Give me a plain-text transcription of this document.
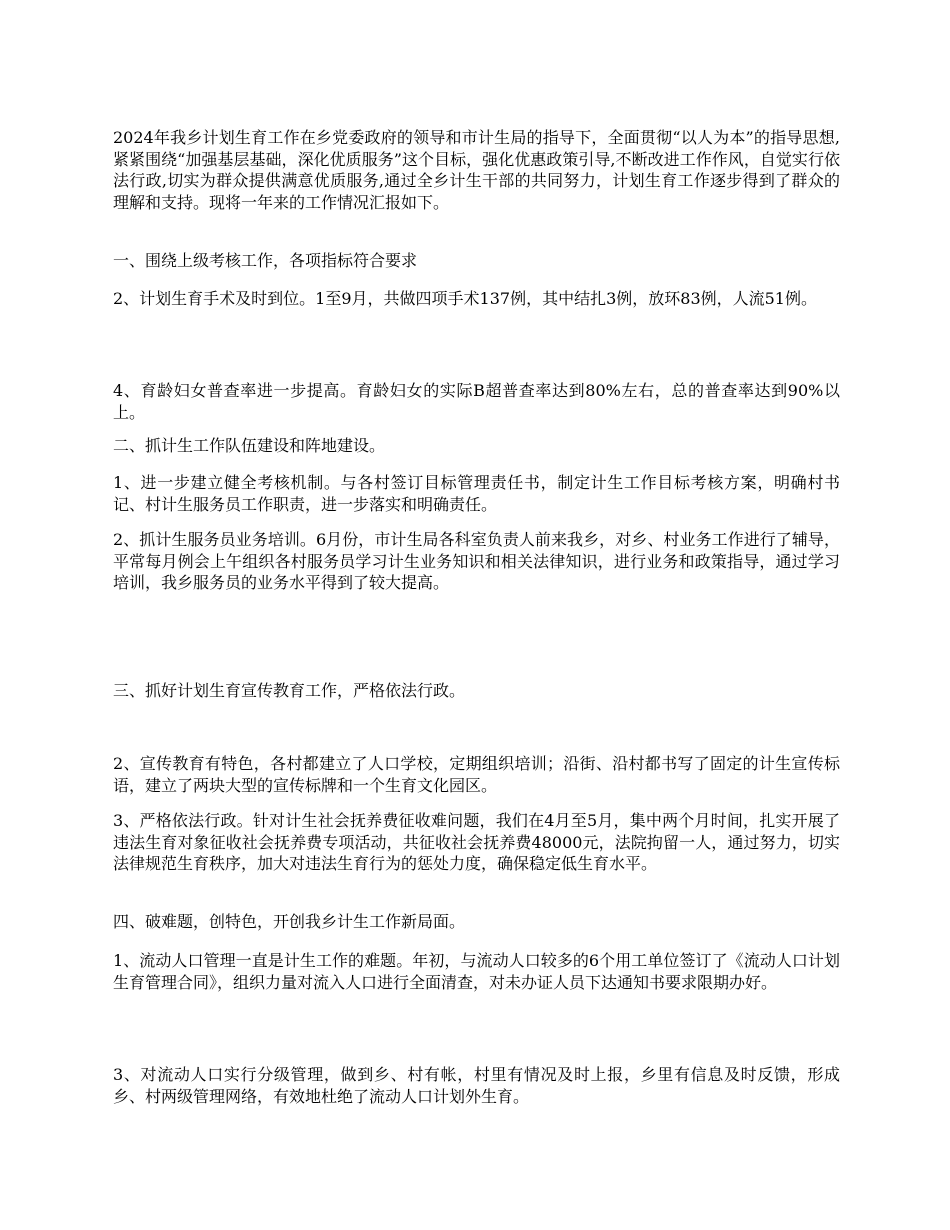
2024年我乡计划生育工作在乡党委政府的领导和市计生局的指导下，全面贯彻“以人为本”的指导思想,紧紧围绕“加强基层基础，深化优质服务”这个目标，强化优惠政策引导,不断改进工作作风，自觉实行依法行政,切实为群众提供满意优质服务,通过全乡计生干部的共同努力，计划生育工作逐步得到了群众的理解和支持。现将一年来的工作情况汇报如下。

一、围绕上级考核工作，各项指标符合要求

2、计划生育手术及时到位。1至9月，共做四项手术137例，其中结扎3例，放环83例，人流51例。

4、育龄妇女普查率进一步提高。育龄妇女的实际B超普查率达到80%左右，总的普查率达到90%以上。

二、抓计生工作队伍建设和阵地建设。

1、进一步建立健全考核机制。与各村签订目标管理责任书，制定计生工作目标考核方案，明确村书记、村计生服务员工作职责，进一步落实和明确责任。

2、抓计生服务员业务培训。6月份，市计生局各科室负责人前来我乡，对乡、村业务工作进行了辅导，平常每月例会上午组织各村服务员学习计生业务知识和相关法律知识，进行业务和政策指导，通过学习培训，我乡服务员的业务水平得到了较大提高。

三、抓好计划生育宣传教育工作，严格依法行政。

2、宣传教育有特色，各村都建立了人口学校，定期组织培训；沿街、沿村都书写了固定的计生宣传标语，建立了两块大型的宣传标牌和一个生育文化园区。

3、严格依法行政。针对计生社会抚养费征收难问题，我们在4月至5月，集中两个月时间，扎实开展了违法生育对象征收社会抚养费专项活动，共征收社会抚养费48000元，法院拘留一人，通过努力，切实法律规范生育秩序，加大对违法生育行为的惩处力度，确保稳定低生育水平。

四、破难题，创特色，开创我乡计生工作新局面。

1、流动人口管理一直是计生工作的难题。年初，与流动人口较多的6个用工单位签订了《流动人口计划生育管理合同》，组织力量对流入人口进行全面清查，对未办证人员下达通知书要求限期办好。

3、对流动人口实行分级管理，做到乡、村有帐，村里有情况及时上报，乡里有信息及时反馈，形成乡、村两级管理网络，有效地杜绝了流动人口计划外生育。
